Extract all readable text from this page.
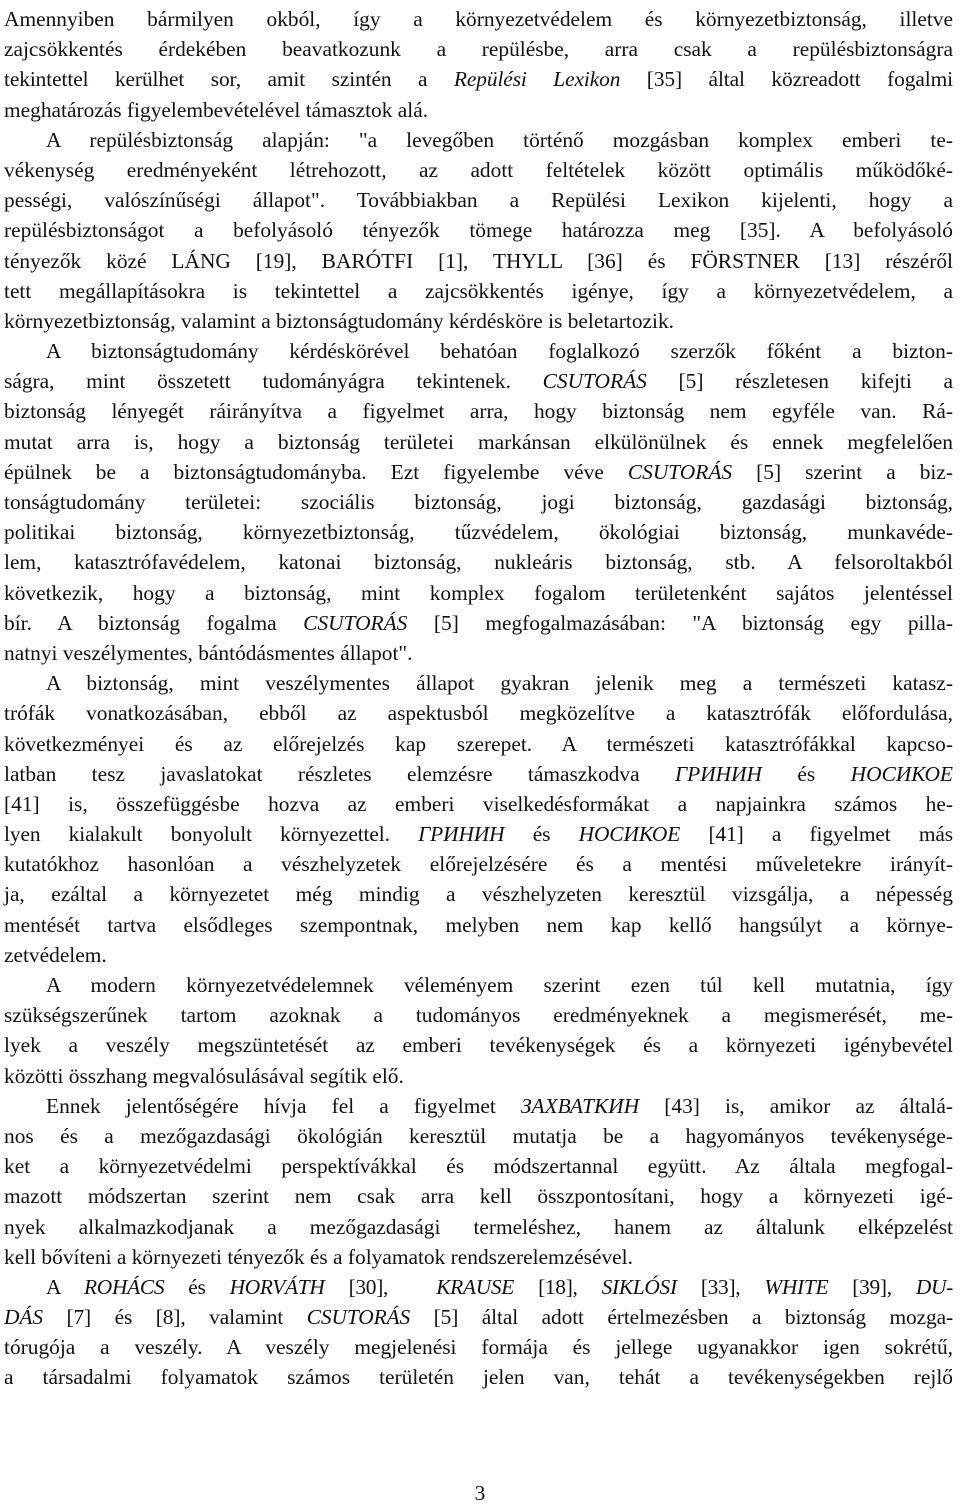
Amennyiben bármilyen okból, így a környezetvédelem és környezetbiztonság, illetve
zajcsökkentés érdekében beavatkozunk a repülésbe, arra csak a repülésbiztonságra
tekintettel kerülhet sor, amit szintén a Repülési Lexikon [35] által közreadott fogalmi
meghatározás figyelembevételével támasztok alá.
A repülésbiztonság alapján: "a levegőben történő mozgásban komplex emberi te-
vékenység eredményeként létrehozott, az adott feltételek között optimális működőké-
pességi, valószínűségi állapot". Továbbiakban a Repülési Lexikon kijelenti, hogy a
repülésbiztonságot a befolyásoló tényezők tömege határozza meg [35]. A befolyásoló
tényezők közé LÁNG [19], BARÓTFI [1], THYLL [36] és FÖRSTNER [13] részéről
tett megállapításokra is tekintettel a zajcsökkentés igénye, így a környezetvédelem, a
környezetbiztonság, valamint a biztonságtudomány kérdésköre is beletartozik.
A biztonságtudomány kérdéskörével behatóan foglalkozó szerzők főként a bizton-
ságra, mint összetett tudományágra tekintenek. CSUTORÁS [5] részletesen kifejti a
biztonság lényegét ráirányítva a figyelmet arra, hogy biztonság nem egyféle van. Rá-
mutat arra is, hogy a biztonság területei markánsan elkülönülnek és ennek megfelelően
épülnek be a biztonságtudományba. Ezt figyelembe véve CSUTORÁS [5] szerint a biz-
tonságtudomány területei: szociális biztonság, jogi biztonság, gazdasági biztonság,
politikai biztonság, környezetbiztonság, tűzvédelem, ökológiai biztonság, munkavéde-
lem, katasztrófavédelem, katonai biztonság, nukleáris biztonság, stb. A felsoroltakból
következik, hogy a biztonság, mint komplex fogalom területenként sajátos jelentéssel
bír. A biztonság fogalma CSUTORÁS [5] megfogalmazásában: "A biztonság egy pilla-
natnyi veszélymentes, bántódásmentes állapot".
A biztonság, mint veszélymentes állapot gyakran jelenik meg a természeti katasz-
trófák vonatkozásában, ebből az aspektusból megközelítve a katasztrófák előfordulása,
következményei és az előrejelzés kap szerepet. A természeti katasztrófákkal kapcso-
latban tesz javaslatokat részletes elemzésre támaszkodva ГРИНИН és НОСИКОЕ
[41] is, összefüggésbe hozva az emberi viselkedésformákat a napjainkra számos he-
lyen kialakult bonyolult környezettel. ГРИНИН és НОСИКОЕ [41] a figyelmet más
kutatókhoz hasonlóan a vészhelyzetek előrejelzésére és a mentési műveletekre irányít-
ja, ezáltal a környezetet még mindig a vészhelyzeten keresztül vizsgálja, a népesség
mentését tartva elsődleges szempontnak, melyben nem kap kellő hangsúlyt a környe-
zetvédelem.
A modern környezetvédelemnek véleményem szerint ezen túl kell mutatnia, így
szükségszerűnek tartom azoknak a tudományos eredményeknek a megismerését, me-
lyek a veszély megszüntetését az emberi tevékenységek és a környezeti igénybevétel
közötti összhang megvalósulásával segítik elő.
Ennek jelentőségére hívja fel a figyelmet ЗАХВАТКИН [43] is, amikor az általá-
nos és a mezőgazdasági ökológián keresztül mutatja be a hagyományos tevékenysége-
ket a környezetvédelmi perspektívákkal és módszertannal együtt. Az általa megfogal-
mazott módszertan szerint nem csak arra kell összpontosítani, hogy a környezeti igé-
nyek alkalmazkodjanak a mezőgazdasági termeléshez, hanem az általunk elképzelést
kell bővíteni a környezeti tényezők és a folyamatok rendszerelemzésével.
A ROHÁCS és HORVÁTH [30],  KRAUSE [18], SIKLÓSI [33], WHITE [39], DU-
DÁS [7] és [8], valamint CSUTORÁS [5] által adott értelmezésben a biztonság mozga-
tórugója a veszély. A veszély megjelenési formája és jellege ugyanakkor igen sokrétű,
a társadalmi folyamatok számos területén jelen van, tehát a tevékenységekben rejlő
3
